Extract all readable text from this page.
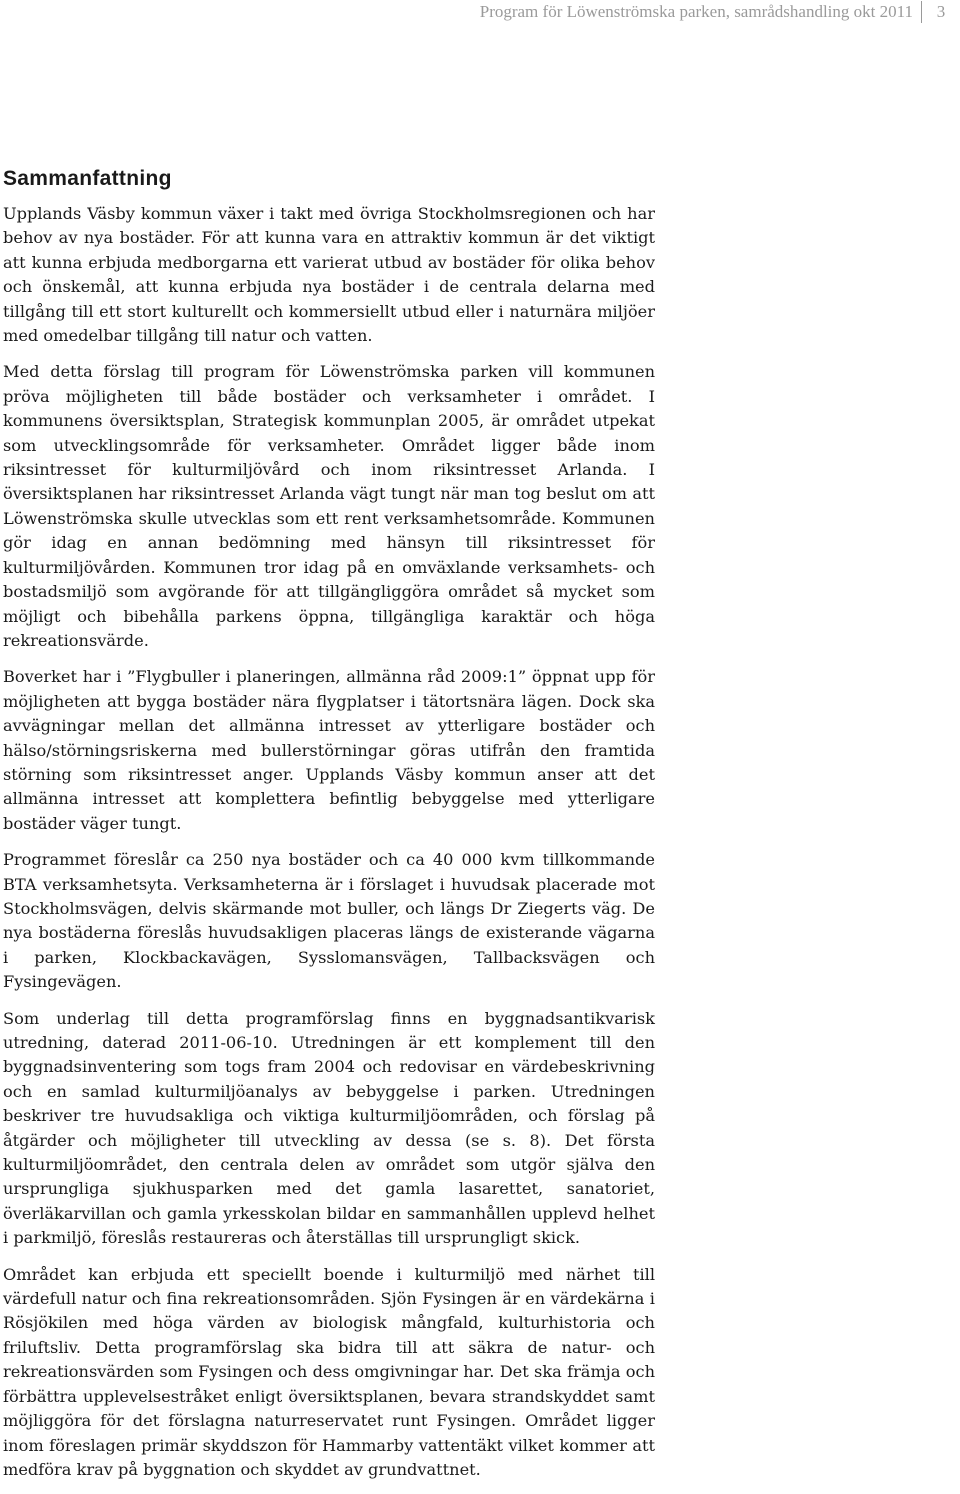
Program för Löwenströmska parken, samrådshandling okt 2011	3
Sammanfattning

Upplands Väsby kommun växer i takt med övriga Stockholmsregionen och har behov av nya bostäder. För att kunna vara en attraktiv kommun är det viktigt att kunna erbjuda medborgarna ett varierat utbud av bostäder för olika behov och önskemål, att kunna erbjuda nya bostäder i de centrala delarna med tillgång till ett stort kulturellt och kommersiellt utbud eller i naturnära miljöer med omedelbar tillgång till natur och vatten.

Med detta förslag till program för Löwenströmska parken vill kommunen pröva möjligheten till både bostäder och verksamheter i området. I kommunens översiktsplan, Strategisk kommunplan 2005, är området utpekat som utvecklingsområde för verksamheter. Området ligger både inom riksintresset för kulturmiljövård och inom riksintresset Arlanda. I översiktsplanen har riksintresset Arlanda vägt tungt när man tog beslut om att Löwenströmska skulle utvecklas som ett rent verksamhetsområde. Kommunen gör idag en annan bedömning med hänsyn till riksintresset för kulturmiljövården. Kommunen tror idag på en omväxlande verksamhets- och bostadsmiljö som avgörande för att tillgängliggöra området så mycket som möjligt och bibehålla parkens öppna, tillgängliga karaktär och höga rekreationsvärde.

Boverket har i ”Flygbuller i planeringen, allmänna råd 2009:1” öppnat upp för möjligheten att bygga bostäder nära flygplatser i tätortsnära lägen. Dock ska avvägningar mellan det allmänna intresset av ytterligare bostäder och hälso/störningsriskerna med bullerstörningar göras utifrån den framtida störning som riksintresset anger. Upplands Väsby kommun anser att det allmänna intresset att komplettera befintlig bebyggelse med ytterligare bostäder väger tungt.

Programmet föreslår ca 250 nya bostäder och ca 40 000 kvm tillkommande BTA verksamhetsyta. Verksamheterna är i förslaget i huvudsak placerade mot Stockholmsvägen, delvis skärmande mot buller, och längs Dr Ziegerts väg. De nya bostäderna föreslås huvudsakligen placeras längs de existerande vägarna i parken, Klockbackavägen, Sysslomansvägen, Tallbacksvägen och Fysingevägen.

Som underlag till detta programförslag finns en byggnadsantikvarisk utredning, daterad 2011-06-10. Utredningen är ett komplement till den byggnadsinventering som togs fram 2004 och redovisar en värdebeskrivning och en samlad kulturmiljöanalys av bebyggelse i parken. Utredningen beskriver tre huvudsakliga och viktiga kulturmiljöområden, och förslag på åtgärder och möjligheter till utveckling av dessa (se s. 8). Det första kulturmiljöområdet, den centrala delen av området som utgör själva den ursprungliga sjukhusparken med det gamla lasarettet, sanatoriet, överläkarvillan och gamla yrkesskolan bildar en sammanhållen upplevd helhet i parkmiljö, föreslås restaureras och återställas till ursprungligt skick.

Området kan erbjuda ett speciellt boende i kulturmiljö med närhet till värdefull natur och fina rekreationsområden. Sjön Fysingen är en värdekärna i Rösjökilen med höga värden av biologisk mångfald, kulturhistoria och friluftsliv. Detta programförslag ska bidra till att säkra de natur- och rekreationsvärden som Fysingen och dess omgivningar har. Det ska främja och förbättra upplevelsestråket enligt översiktsplanen, bevara strandskyddet samt möjliggöra för det förslagna naturreservatet runt Fysingen. Området ligger inom föreslagen primär skyddszon för Hammarby vattentäkt vilket kommer att medföra krav på byggnation och skyddet av grundvattnet.
